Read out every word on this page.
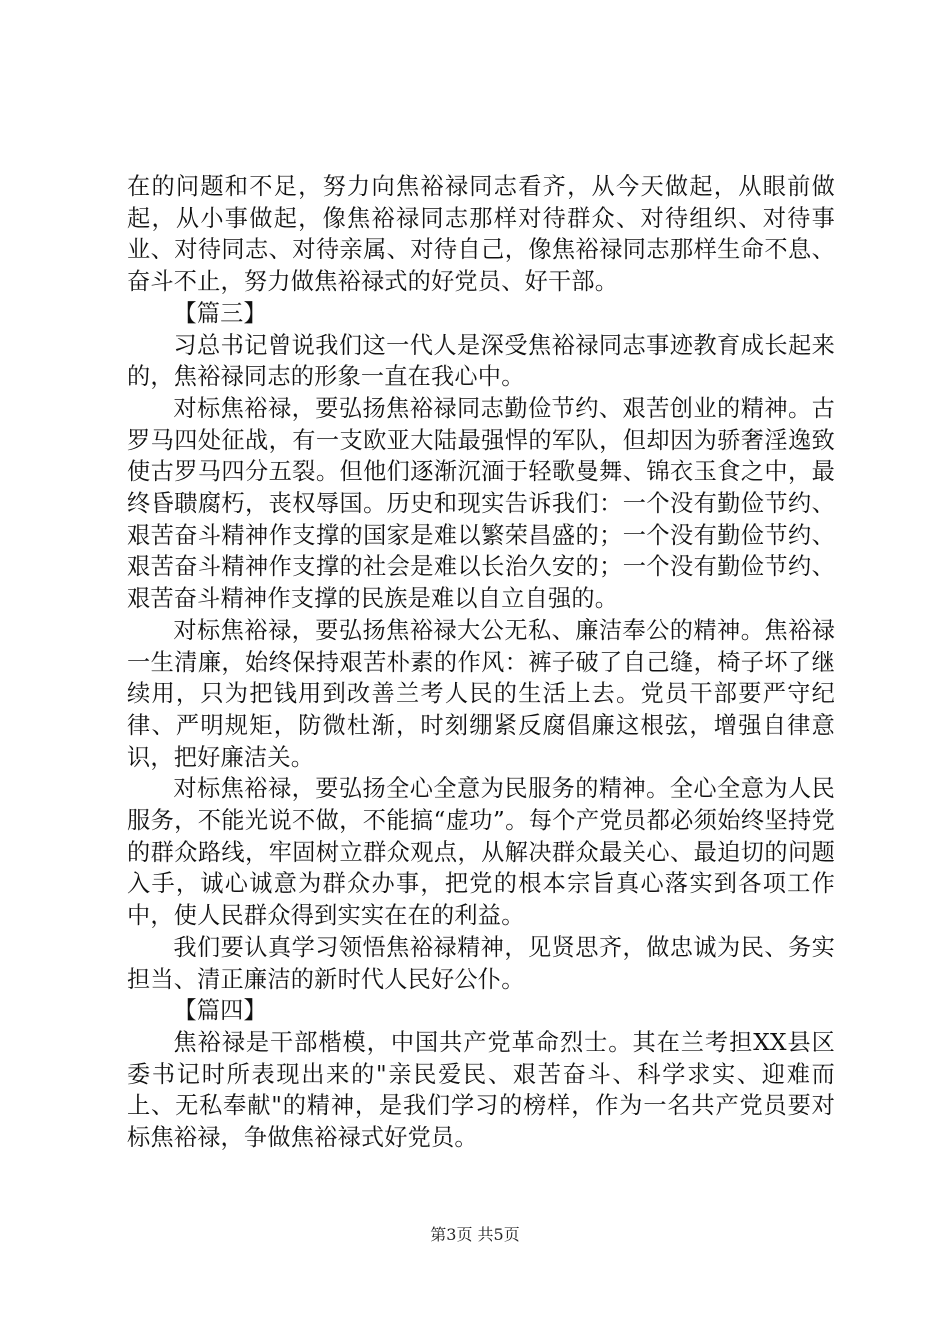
在的问题和不足，努力向焦裕禄同志看齐，从今天做起，从眼前做起，从小事做起，像焦裕禄同志那样对待群众、对待组织、对待事业、对待同志、对待亲属、对待自己，像焦裕禄同志那样生命不息、奋斗不止，努力做焦裕禄式的好党员、好干部。

【篇三】

习总书记曾说我们这一代人是深受焦裕禄同志事迹教育成长起来的，焦裕禄同志的形象一直在我心中。

对标焦裕禄，要弘扬焦裕禄同志勤俭节约、艰苦创业的精神。古罗马四处征战，有一支欧亚大陆最强悍的军队，但却因为骄奢淫逸致使古罗马四分五裂。但他们逐渐沉湎于轻歌曼舞、锦衣玉食之中，最终昏聩腐朽，丧权辱国。历史和现实告诉我们：一个没有勤俭节约、艰苦奋斗精神作支撑的国家是难以繁荣昌盛的；一个没有勤俭节约、艰苦奋斗精神作支撑的社会是难以长治久安的；一个没有勤俭节约、艰苦奋斗精神作支撑的民族是难以自立自强的。

对标焦裕禄，要弘扬焦裕禄大公无私、廉洁奉公的精神。焦裕禄一生清廉，始终保持艰苦朴素的作风：裤子破了自己缝，椅子坏了继续用，只为把钱用到改善兰考人民的生活上去。党员干部要严守纪律、严明规矩，防微杜渐，时刻绷紧反腐倡廉这根弦，增强自律意识，把好廉洁关。

对标焦裕禄，要弘扬全心全意为民服务的精神。全心全意为人民服务，不能光说不做，不能搞“虚功”。每个产党员都必须始终坚持党的群众路线，牢固树立群众观点，从解决群众最关心、最迫切的问题入手，诚心诚意为群众办事，把党的根本宗旨真心落实到各项工作中，使人民群众得到实实在在的利益。

我们要认真学习领悟焦裕禄精神，见贤思齐，做忠诚为民、务实担当、清正廉洁的新时代人民好公仆。

【篇四】

焦裕禄是干部楷模，中国共产党革命烈士。其在兰考担XX县区委书记时所表现出来的"亲民爱民、艰苦奋斗、科学求实、迎难而上、无私奉献"的精神，是我们学习的榜样，作为一名共产党员要对标焦裕禄，争做焦裕禄式好党员。

第3页 共5页
